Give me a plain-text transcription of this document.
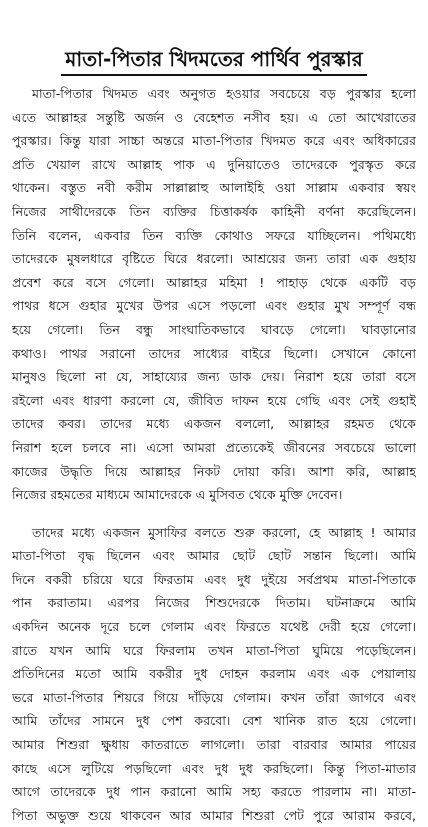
মাতা-পিতার খিদমতের পার্থিব পুরস্কার
মাতা-পিতার খিদমত এবং অনুগত হওয়ার সবচেয়ে বড় পুরস্কার হলো
এতে আল্লাহর সন্তুষ্টি অর্জন ও বেহেশত নসীব হয়। এ তো আখেরাতের
পুরস্কার। কিন্তু যারা সাচ্চা অন্তরে মাতা-পিতার খিদমত করে এবং অধিকারের
প্রতি খেয়াল রাখে আল্লাহ পাক এ দুনিয়াতেও তাদেরকে পুরস্কৃত করে
থাকেন। বস্তুত নবী করীম সাল্লাল্লাহু আলাইহি ওয়া সাল্লাম একবার স্বয়ং
নিজের সাথীদেরকে তিন ব্যক্তির চিত্তাকর্ষক কাহিনী বর্ণনা করেছিলেন।
তিনি বলেন, একবার তিন ব্যক্তি কোথাও সফরে যাচ্ছিলেন। পথিমধ্যে
তাদেরকে মুষলধারে বৃষ্টিতে ঘিরে ধরলো। আশ্রয়ের জন্য তারা এক গুহায়
প্রবেশ করে বসে গেলো। আল্লাহর মহিমা ! পাহাড় থেকে একটি বড়
পাথর ধসে গুহার মুখের উপর এসে পড়লো এবং গুহার মুখ সম্পূর্ণ বন্ধ
হয়ে গেলো। তিন বন্ধু সাংঘাতিকভাবে ঘাবড়ে গেলো। ঘাবড়ানোর
কথাও। পাথর সরানো তাদের সাধ্যের বাইরে ছিলো। সেখানে কোনো
মানুষও ছিলো না যে, সাহায্যের জন্য ডাক দেয়। নিরাশ হয়ে তারা বসে
রইলো এবং ধারণা করলো যে, জীবিত দাফন হয়ে গেছি এবং সেই গুহাই
তাদের কবর। তাদের মধ্যে একজন বললো, আল্লাহর রহমত থেকে
নিরাশ হলে চলবে না। এসো আমরা প্রত্যেকেই জীবনের সবচেয়ে ভালো
কাজের উদ্ধৃতি দিয়ে আল্লাহর নিকট দোয়া করি। আশা করি, আল্লাহ
নিজের রহমতের মাধ্যমে আমাদেরকে এ মুসিবত থেকে মুক্তি দেবেন।
তাদের মধ্যে একজন মুসাফির বলতে শুরু করলো, হে আল্লাহ ! আমার
মাতা-পিতা বৃদ্ধ ছিলেন এবং আমার ছোট ছোট সন্তান ছিলো। আমি
দিনে বকরী চরিয়ে ঘরে ফিরতাম এবং দুধ দুইয়ে সর্বপ্রথম মাতা-পিতাকে
পান করাতাম। এরপর নিজের শিশুদেরকে দিতাম। ঘটনাক্রমে আমি
একদিন অনেক দূরে চলে গেলাম এবং ফিরতে যথেষ্ট দেরী হয়ে গেলো।
রাতে যখন আমি ঘরে ফিরলাম তখন মাতা-পিতা ঘুমিয়ে পড়েছিলেন।
প্রতিদিনের মতো আমি বকরীর দুধ দোহন করলাম এবং এক পেয়ালায়
ভরে মাতা-পিতার শিয়রে গিয়ে দাঁড়িয়ে গেলাম। কখন তাঁরা জাগবে এবং
আমি তাঁদের সামনে দুধ পেশ করবো। বেশ খানিক রাত হয়ে গেলো।
আমার শিশুরা ক্ষুধায় কাতরাতে লাগলো। তারা বারবার আমার পায়ের
কাছে এসে লুটিয়ে পড়ছিলো এবং দুধ দুধ করছিলো। কিন্তু পিতা-মাতার
আগে তাদেরকে দুধ পান করানো আমি সহ্য করতে পারলাম না। মাতা-
পিতা অভুক্ত শুয়ে থাকবেন আর আমার শিশুরা পেট পুরে আরাম করবে,
